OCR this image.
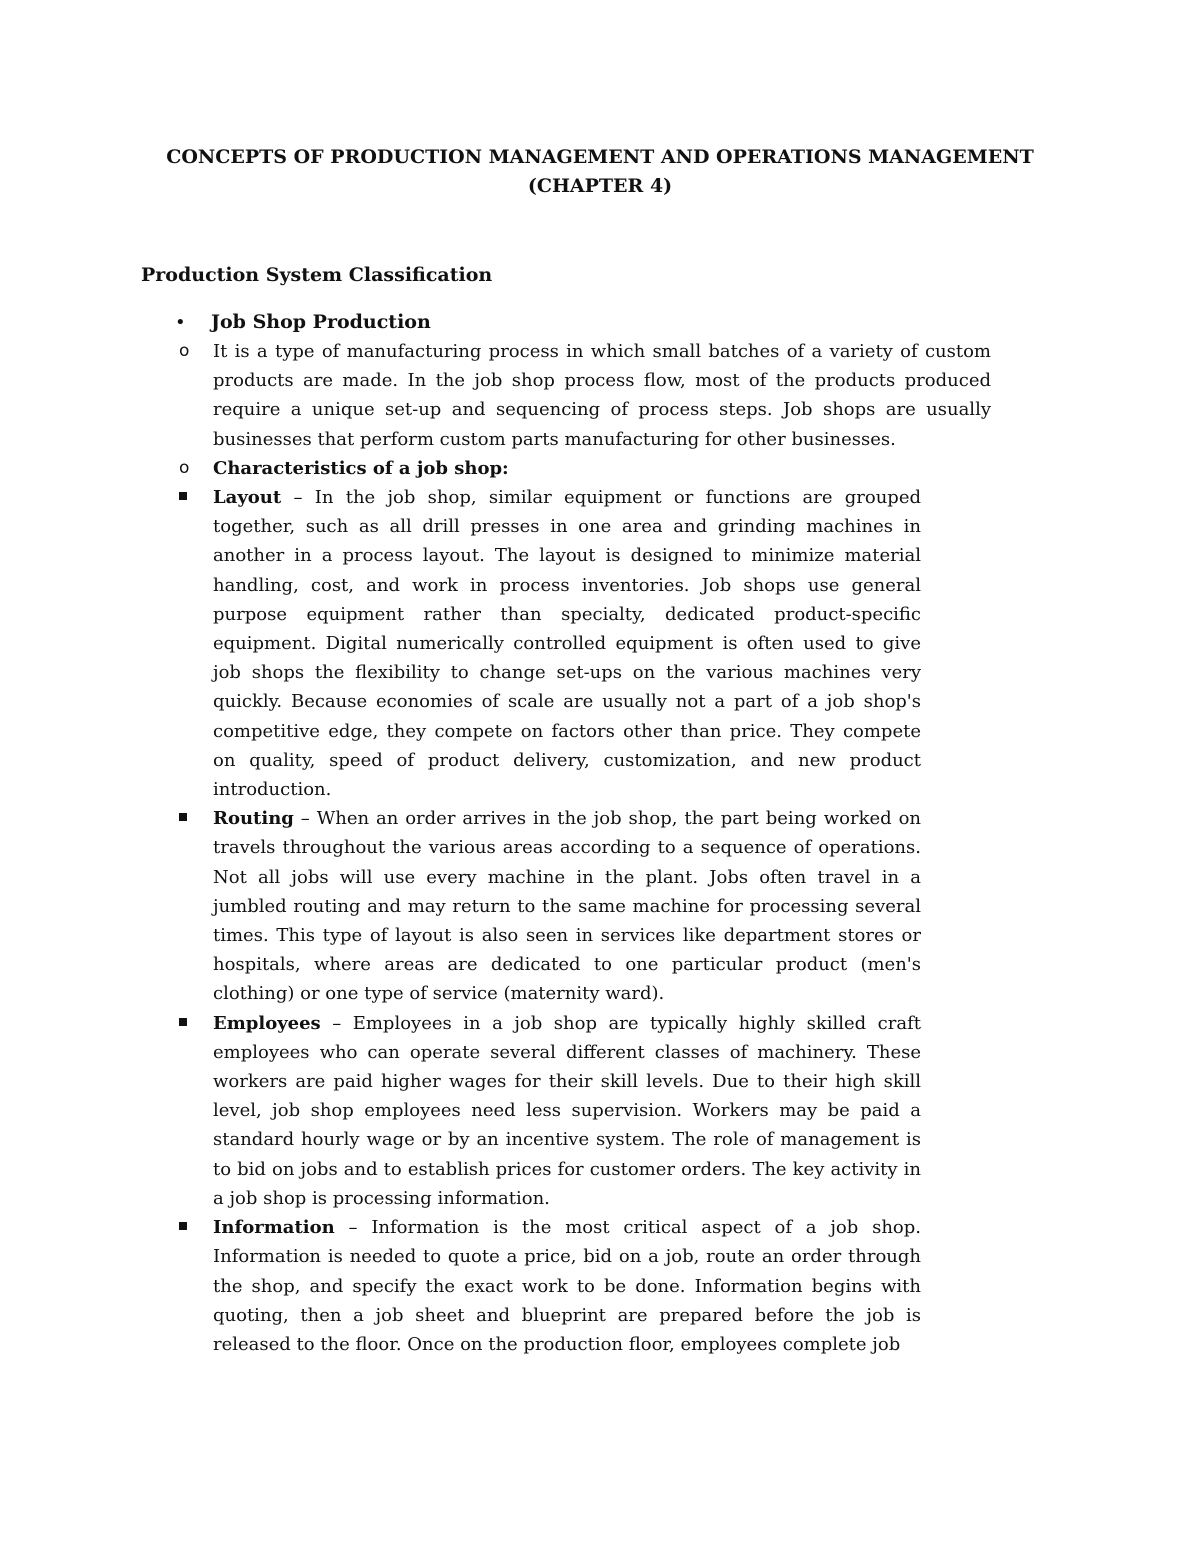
CONCEPTS OF PRODUCTION MANAGEMENT AND OPERATIONS MANAGEMENT
(CHAPTER 4)
Production System Classification
• Job Shop Production
o It is a type of manufacturing process in which small batches of a variety of custom products are made. In the job shop process flow, most of the products produced require a unique set-up and sequencing of process steps. Job shops are usually businesses that perform custom parts manufacturing for other businesses.
o Characteristics of a job shop:
Layout – In the job shop, similar equipment or functions are grouped together, such as all drill presses in one area and grinding machines in another in a process layout. The layout is designed to minimize material handling, cost, and work in process inventories. Job shops use general purpose equipment rather than specialty, dedicated product-specific equipment. Digital numerically controlled equipment is often used to give job shops the flexibility to change set-ups on the various machines very quickly. Because economies of scale are usually not a part of a job shop's competitive edge, they compete on factors other than price. They compete on quality, speed of product delivery, customization, and new product introduction.
Routing – When an order arrives in the job shop, the part being worked on travels throughout the various areas according to a sequence of operations. Not all jobs will use every machine in the plant. Jobs often travel in a jumbled routing and may return to the same machine for processing several times. This type of layout is also seen in services like department stores or hospitals, where areas are dedicated to one particular product (men's clothing) or one type of service (maternity ward).
Employees – Employees in a job shop are typically highly skilled craft employees who can operate several different classes of machinery. These workers are paid higher wages for their skill levels. Due to their high skill level, job shop employees need less supervision. Workers may be paid a standard hourly wage or by an incentive system. The role of management is to bid on jobs and to establish prices for customer orders. The key activity in a job shop is processing information.
Information – Information is the most critical aspect of a job shop. Information is needed to quote a price, bid on a job, route an order through the shop, and specify the exact work to be done. Information begins with quoting, then a job sheet and blueprint are prepared before the job is released to the floor. Once on the production floor, employees complete job
